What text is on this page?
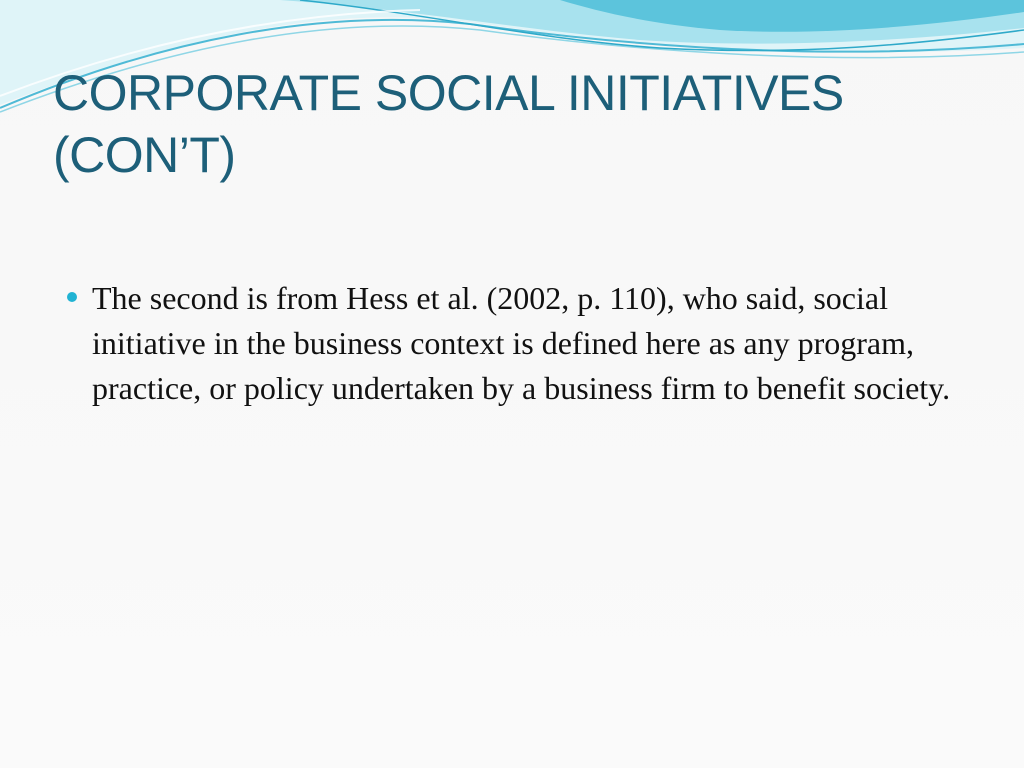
CORPORATE SOCIAL INITIATIVES
(CON’T)
The second is from Hess et al. (2002, p. 110), who said, social initiative in the business context is defined here as any program, practice, or policy undertaken by a business firm to benefit society.
